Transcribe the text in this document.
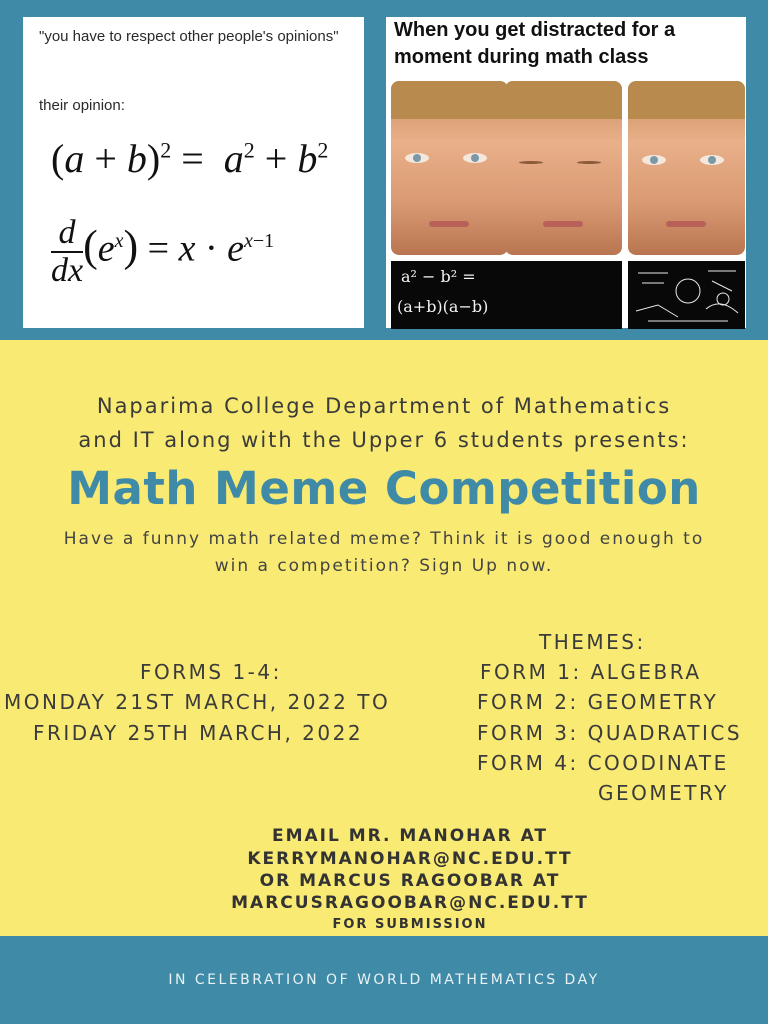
"you have to respect other people's opinions"
their opinion:
$(a + b)^2 = a^2 + b^2$
$\frac{d}{dx} (e^x) = x \cdot e^{x-1}$
When you get distracted for a moment during math class
a² − b² =
(a+b)(a−b)
Naparima College Department of Mathematics
and IT along with the Upper 6 students presents:
Math Meme Competition
Have a funny math related meme? Think it is good enough to
win a competition? Sign Up now.
FORMS 1-4:
MONDAY 21ST MARCH, 2022 TO
FRIDAY 25TH MARCH, 2022
THEMES:
FORM 1: ALGEBRA
FORM 2: GEOMETRY
FORM 3: QUADRATICS
FORM 4: COODINATE
GEOMETRY
EMAIL MR. MANOHAR AT
KERRYMANOHAR@NC.EDU.TT
OR MARCUS RAGOOBAR AT
MARCUSRAGOOBAR@NC.EDU.TT
FOR SUBMISSION
IN CELEBRATION OF WORLD MATHEMATICS DAY
